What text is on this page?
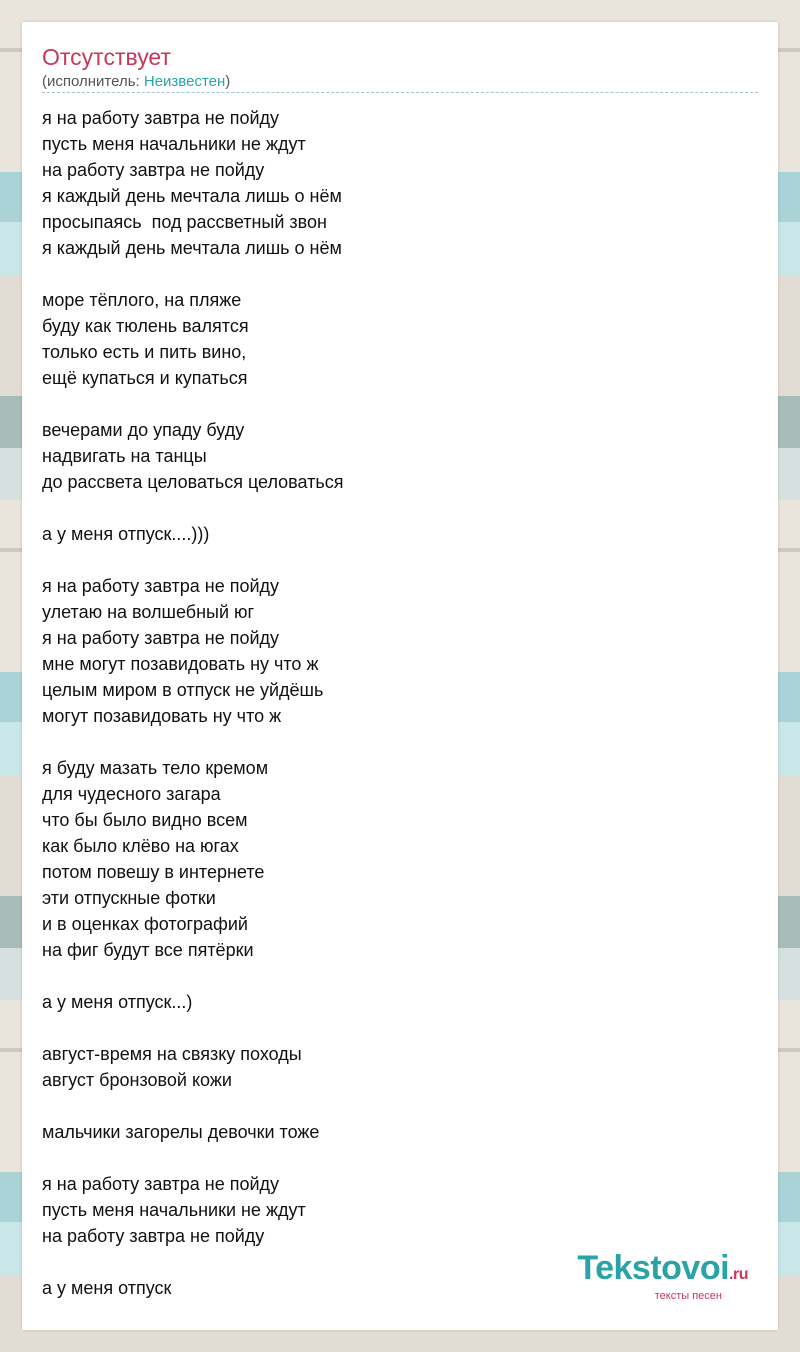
Отсутствует
(исполнитель: Неизвестен)
я на работу завтра не пойду
пусть меня начальники не ждут
на работу завтра не пойду
я каждый день мечтала лишь о нём
просыпаясь  под рассветный звон
я каждый день мечтала лишь о нём
море тёплого, на пляже
буду как тюлень валятся
только есть и пить вино,
ещё купаться и купаться
вечерами до упаду буду
надвигать на танцы
до рассвета целоваться целоваться
а у меня отпуск....)))
я на работу завтра не пойду
улетаю на волшебный юг
я на работу завтра не пойду
мне могут позавидовать ну что ж
целым миром в отпуск не уйдёшь
могут позавидовать ну что ж
я буду мазать тело кремом
для чудесного загара
что бы было видно всем
как было клёво на югах
потом повешу в интернете
эти отпускные фотки
и в оценках фотографий
на фиг будут все пятёрки
а у меня отпуск...)
август-время на связку походы
август бронзовой кожи
мальчики загорелы девочки тоже
я на работу завтра не пойду
пусть меня начальники не ждут
на работу завтра не пойду
а у меня отпуск
Tekstovoi.ru
тексты песен
